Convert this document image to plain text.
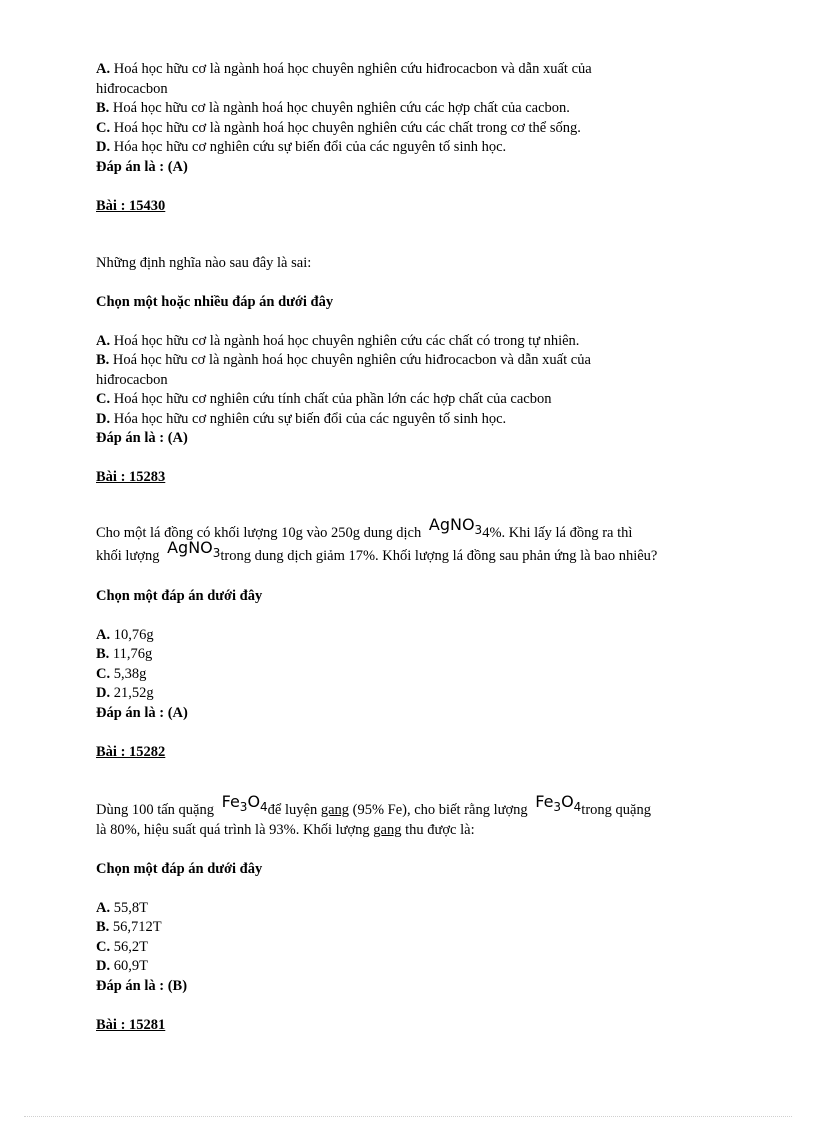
A. Hoá học hữu cơ là ngành hoá học chuyên nghiên cứu hiđrocacbon và dẫn xuất của
hiđrocacbon
B. Hoá học hữu cơ là ngành hoá học chuyên nghiên cứu các hợp chất của cacbon.
C. Hoá học hữu cơ là ngành hoá học chuyên nghiên cứu các chất trong cơ thể sống.
D. Hóa học hữu cơ nghiên cứu sự biến đổi của các nguyên tố sinh học.
Đáp án là : (A)
Bài : 15430
Những định nghĩa nào sau đây là sai:
Chọn một hoặc nhiều đáp án dưới đây
A. Hoá học hữu cơ là ngành hoá học chuyên nghiên cứu các chất có trong tự nhiên.
B. Hoá học hữu cơ là ngành hoá học chuyên nghiên cứu hiđrocacbon và dẫn xuất của
hiđrocacbon
C. Hoá học hữu cơ nghiên cứu tính chất của phần lớn các hợp chất của cacbon
D. Hóa học hữu cơ nghiên cứu sự biến đổi của các nguyên tố sinh học.
Đáp án là : (A)
Bài : 15283
Cho một lá đồng có khối lượng 10g vào 250g dung dịch AgNO$_3$4%. Khi lấy lá đồng ra thì
khối lượng AgNO$_3$trong dung dịch giảm 17%. Khối lượng lá đồng sau phản ứng là bao nhiêu?
Chọn một đáp án dưới đây
A. 10,76g
B. 11,76g
C. 5,38g
D. 21,52g
Đáp án là : (A)
Bài : 15282
Dùng 100 tấn quặng $Fe_3O_4để$ luyện gang (95% Fe), cho biết rằng lượng $Fe_3O_4trong$ quặng
là 80%, hiệu suất quá trình là 93%. Khối lượng gang thu được là:
Chọn một đáp án dưới đây
A. 55,8T
B. 56,712T
C. 56,2T
D. 60,9T
Đáp án là : (B)
Bài : 15281
